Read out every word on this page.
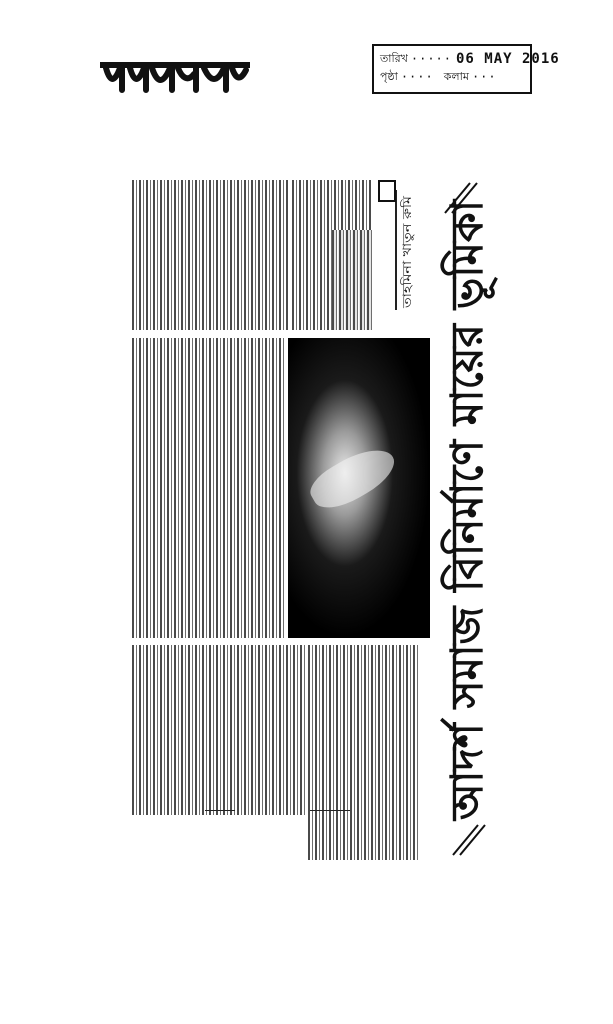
তারিখ ····· 06 MAY 2016
পৃষ্ঠা ···· কলাম ···
আদর্শ সমাজ বিনির্মাণে মায়ের ভূমিকা
তাহমিনা খাতুন রুমি
